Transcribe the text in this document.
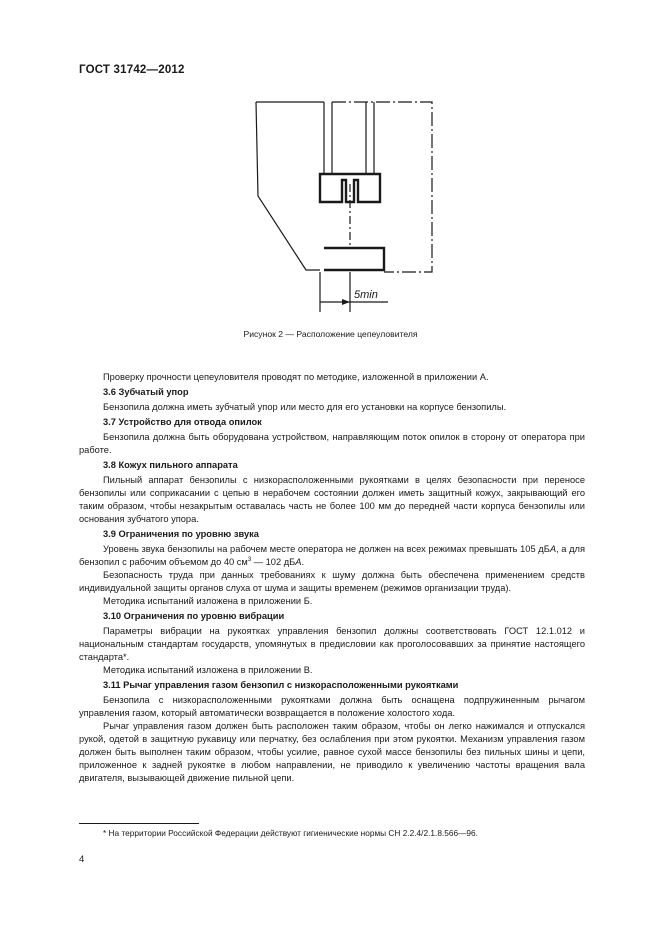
ГОСТ 31742—2012
5min
Рисунок 2 — Расположение цепеуловителя

Проверку прочности цепеуловителя проводят по методике, изложенной в приложении А.

3.6 Зубчатый упор

Бензопила должна иметь зубчатый упор или место для его установки на корпусе бензопилы.

3.7 Устройство для отвода опилок

Бензопила должна быть оборудована устройством, направляющим поток опилок в сторону от оператора при работе.

3.8 Кожух пильного аппарата

Пильный аппарат бензопилы с низкорасположенными рукоятками в целях безопасности при переносе бензопилы или соприкасании с цепью в нерабочем состоянии должен иметь защитный кожух, закрывающий его таким образом, чтобы незакрытым оставалась часть не более 100 мм до передней части корпуса бензопилы или основания зубчатого упора.

3.9 Ограничения по уровню звука

Уровень звука бензопилы на рабочем месте оператора не должен на всех режимах превышать 105 дБA, а для бензопил с рабочим объемом до 40 $см^3$ — 102 дБA.

Безопасность труда при данных требованиях к шуму должна быть обеспечена применением средств индивидуальной защиты органов слуха от шума и защиты временем (режимов организации труда).

Методика испытаний изложена в приложении Б.

3.10 Ограничения по уровню вибрации

Параметры вибрации на рукоятках управления бензопил должны соответствовать ГОСТ 12.1.012 и национальным стандартам государств, упомянутых в предисловии как проголосовавших за принятие настоящего стандарта*.

Методика испытаний изложена в приложении В.

3.11 Рычаг управления газом бензопил с низкорасположенными рукоятками

Бензопила с низкорасположенными рукоятками должна быть оснащена подпружиненным рычагом управления газом, который автоматически возвращается в положение холостого хода.

Рычаг управления газом должен быть расположен таким образом, чтобы он легко нажимался и отпускался рукой, одетой в защитную рукавицу или перчатку, без ослабления при этом рукоятки. Механизм управления газом должен быть выполнен таким образом, чтобы усилие, равное сухой массе бензопилы без пильных шины и цепи, приложенное к задней рукоятке в любом направлении, не приводило к увеличению частоты вращения вала двигателя, вызывающей движение пильной цепи.

* На территории Российской Федерации действуют гигиенические нормы СН 2.2.4/2.1.8.566—96.
4
